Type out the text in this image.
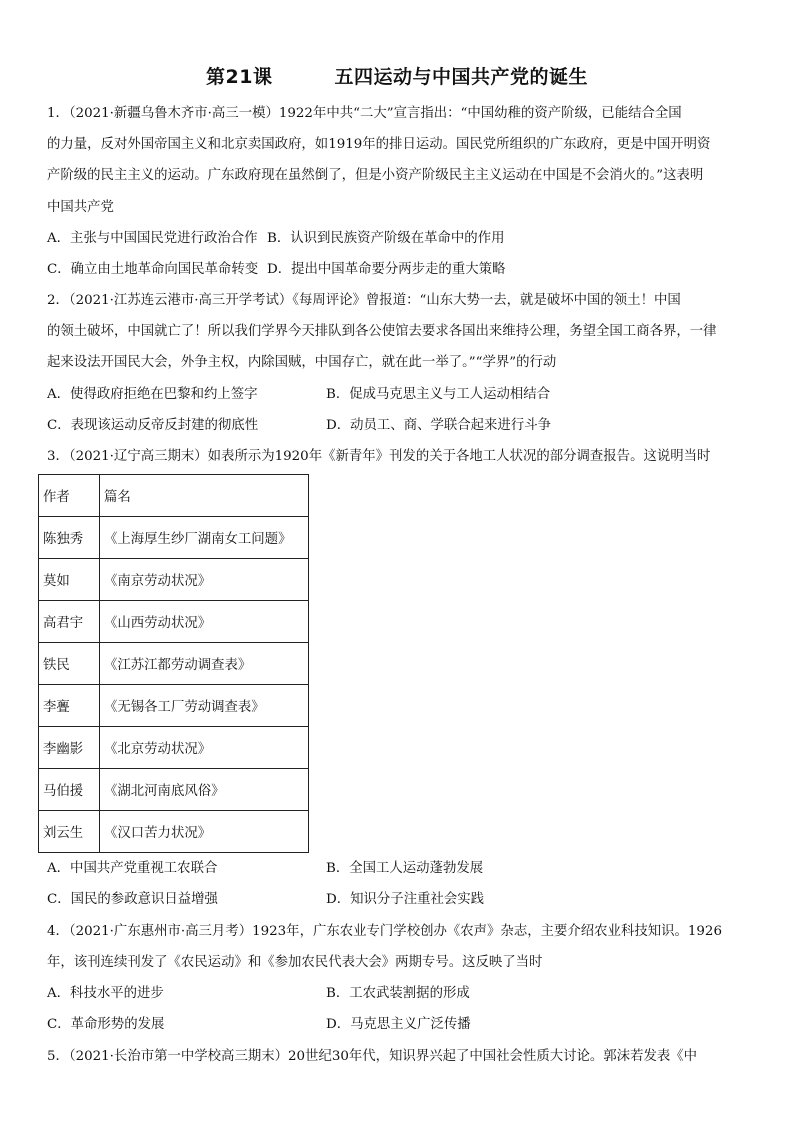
第21课	五四运动与中国共产党的诞生
1．（2021·新疆乌鲁木齐市·高三一模）1922年中共“二大”宣言指出：“中国幼稚的资产阶级，已能结合全国
的力量，反对外国帝国主义和北京卖国政府，如1919年的排日运动。国民党所组织的广东政府，更是中国开明资
产阶级的民主主义的运动。广东政府现在虽然倒了，但是小资产阶级民主主义运动在中国是不会消火的。”这表明
中国共产党
A．主张与中国国民党进行政治合作 B．认识到民族资产阶级在革命中的作用
C．确立由土地革命向国民革命转变 D．提出中国革命要分两步走的重大策略
2．（2021·江苏连云港市·高三开学考试）《每周评论》曾报道：“山东大势一去，就是破坏中国的领土！中国
的领土破坏，中国就亡了！所以我们学界今天排队到各公使馆去要求各国出来维持公理，务望全国工商各界，一律
起来设法开国民大会，外争主权，内除国贼，中国存亡，就在此一举了。”“学界”的行动
A．使得政府拒绝在巴黎和约上签字	B．促成马克思主义与工人运动相结合
C．表现该运动反帝反封建的彻底性	D．动员工、商、学联合起来进行斗争
3．（2021·辽宁高三期末）如表所示为1920年《新青年》刊发的关于各地工人状况的部分调查报告。这说明当时
作者	篇名
陈独秀	《上海厚生纱厂湖南女工问题》
莫如	《南京劳动状况》
高君宇	《山西劳动状况》
铁民	《江苏江都劳动调查表》
李亹	《无锡各工厂劳动调查表》
李幽影	《北京劳动状况》
马伯援	《湖北河南底风俗》
刘云生	《汉口苦力状况》
A．中国共产党重视工农联合	B．全国工人运动蓬勃发展
C．国民的参政意识日益增强	D．知识分子注重社会实践
4．（2021·广东惠州市·高三月考）1923年，广东农业专门学校创办《农声》杂志，主要介绍农业科技知识。1926
年，该刊连续刊发了《农民运动》和《参加农民代表大会》两期专号。这反映了当时
A．科技水平的进步	B．工农武装割据的形成
C．革命形势的发展	D．马克思主义广泛传播
5．（2021·长治市第一中学校高三期末）20世纪30年代，知识界兴起了中国社会性质大讨论。郭沫若发表《中
